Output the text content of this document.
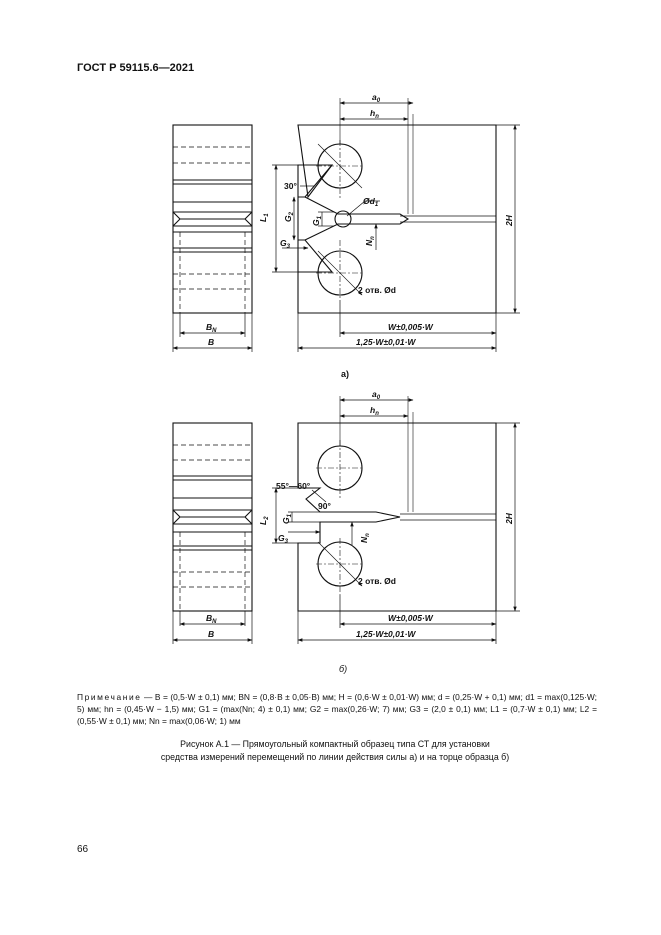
ГОСТ Р 59115.6—2021
$a_0$
$h_n$
$L_1$
30°
$G_2$
$G_1$
$G_3$
$Ød_1$
$N_n$
2 отв. Ød
2H
$B_N$
B
W±0,005·W
1,25·W±0,01·W
а)
$a_0$
$h_n$
55°—60°
90°
$L_2$ $G_1$
$G_3$	$N_n$
2 отв. Ød
2H
$B_N$
B
W±0,005·W
1,25·W±0,01·W
б)
Примечание — B = (0,5·W ± 0,1) мм; BN = (0,8·B ± 0,05·B) мм; H = (0,6·W ± 0,01·W) мм; d = (0,25·W + 0,1) мм; d1 = max(0,125·W; 5) мм; hn = (0,45·W − 1,5) мм; G1 = (max(Nn; 4) ± 0,1) мм; G2 = max(0,26·W; 7) мм; G3 = (2,0 ± 0,1) мм; L1 = (0,7·W ± 0,1) мм; L2 = (0,55·W ± 0,1) мм; Nn = max(0,06·W; 1) мм
Рисунок А.1 — Прямоугольный компактный образец типа СТ для установки
средства измерений перемещений по линии действия силы а) и на торце образца б)
66
